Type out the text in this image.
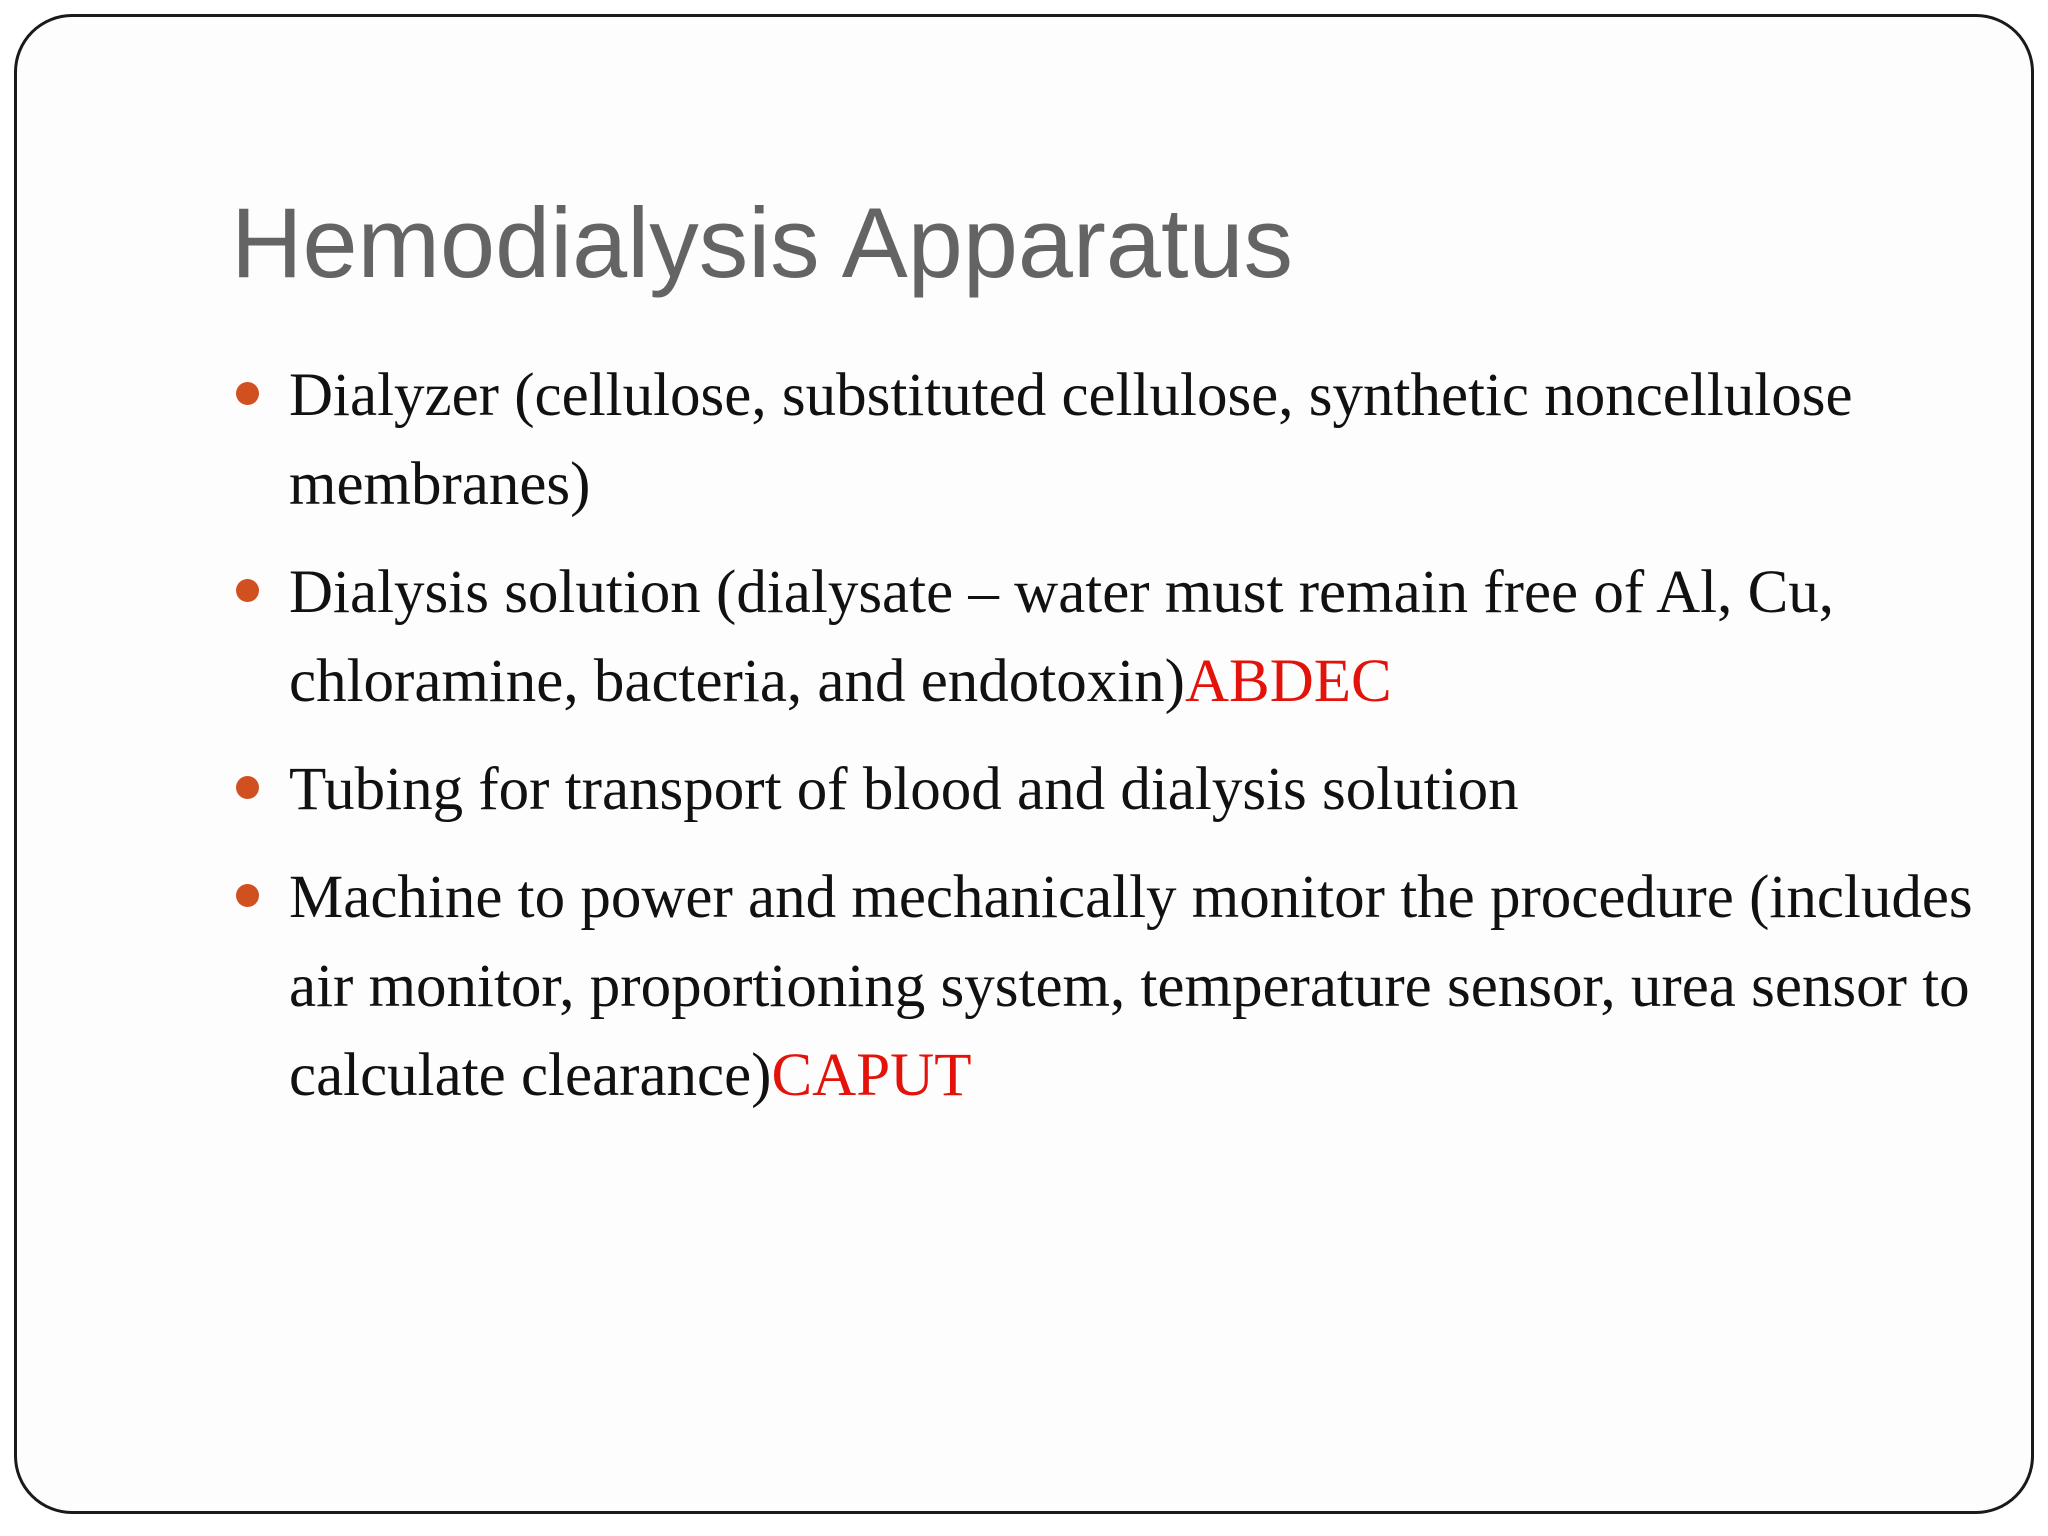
Hemodialysis Apparatus
Dialyzer (cellulose, substituted cellulose, synthetic noncellulose membranes)
Dialysis solution (dialysate – water must remain free of Al, Cu, chloramine, bacteria, and endotoxin)ABDEC
Tubing for transport of blood and dialysis solution
Machine to power and mechanically monitor the procedure (includes air monitor, proportioning system, temperature sensor, urea sensor to calculate clearance)CAPUT
